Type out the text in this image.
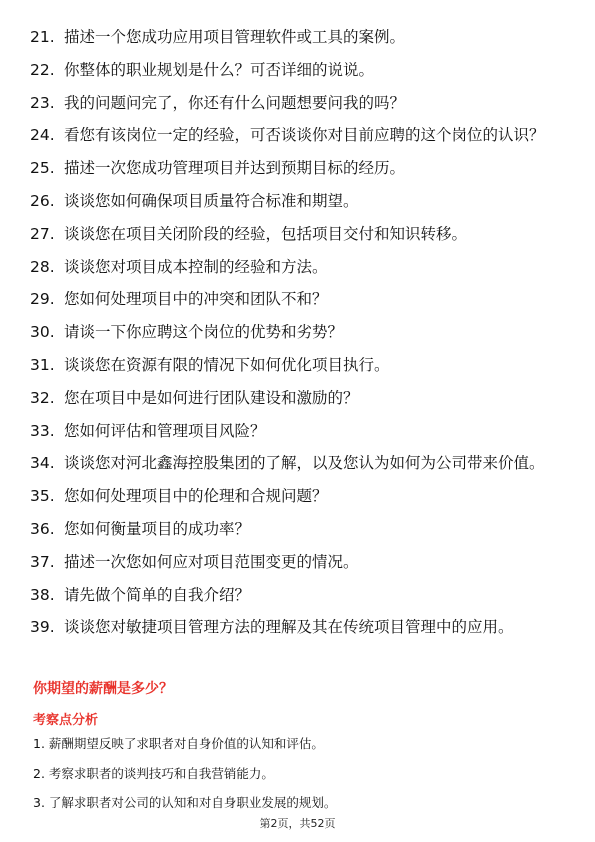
21. 描述一个您成功应用项目管理软件或工具的案例。
22. 你整体的职业规划是什么？可否详细的说说。
23. 我的问题问完了，你还有什么问题想要问我的吗？
24. 看您有该岗位一定的经验，可否谈谈你对目前应聘的这个岗位的认识？
25. 描述一次您成功管理项目并达到预期目标的经历。
26. 谈谈您如何确保项目质量符合标准和期望。
27. 谈谈您在项目关闭阶段的经验，包括项目交付和知识转移。
28. 谈谈您对项目成本控制的经验和方法。
29. 您如何处理项目中的冲突和团队不和？
30. 请谈一下你应聘这个岗位的优势和劣势？
31. 谈谈您在资源有限的情况下如何优化项目执行。
32. 您在项目中是如何进行团队建设和激励的？
33. 您如何评估和管理项目风险？
34. 谈谈您对河北鑫海控股集团的了解，以及您认为如何为公司带来价值。
35. 您如何处理项目中的伦理和合规问题？
36. 您如何衡量项目的成功率？
37. 描述一次您如何应对项目范围变更的情况。
38. 请先做个简单的自我介绍？
39. 谈谈您对敏捷项目管理方法的理解及其在传统项目管理中的应用。
你期望的薪酬是多少？
考察点分析
1. 薪酬期望反映了求职者对自身价值的认知和评估。
2. 考察求职者的谈判技巧和自我营销能力。
3. 了解求职者对公司的认知和对自身职业发展的规划。
第2页，共52页
